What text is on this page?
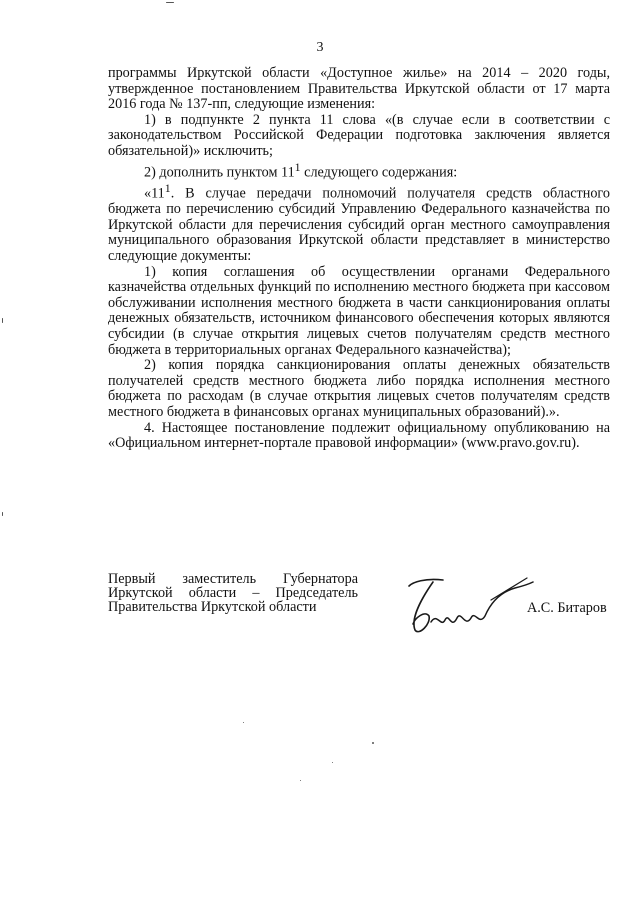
3

программы Иркутской области «Доступное жилье» на 2014 – 2020 годы, утвержденное постановлением Правительства Иркутской области от 17 марта 2016 года № 137-пп, следующие изменения:

1) в подпункте 2 пункта 11 слова «(в случае если в соответствии с законодательством Российской Федерации подготовка заключения является обязательной)» исключить;

2) дополнить пунктом $11^1$ следующего содержания:

«$11^1$. В случае передачи полномочий получателя средств областного бюджета по перечислению субсидий Управлению Федерального казначейства по Иркутской области для перечисления субсидий орган местного самоуправления муниципального образования Иркутской области представляет в министерство следующие документы:

1) копия соглашения об осуществлении органами Федерального казначейства отдельных функций по исполнению местного бюджета при кассовом обслуживании исполнения местного бюджета в части санкционирования оплаты денежных обязательств, источником финансового обеспечения которых являются субсидии (в случае открытия лицевых счетов получателям средств местного бюджета в территориальных органах Федерального казначейства);

2) копия порядка санкционирования оплаты денежных обязательств получателей средств местного бюджета либо порядка исполнения местного бюджета по расходам (в случае открытия лицевых счетов получателям средств местного бюджета в финансовых органах муниципальных образований).».

4. Настоящее постановление подлежит официальному опубликованию на «Официальном интернет-портале правовой информации» (www.pravo.gov.ru).

Первый заместитель Губернатора
Иркутской области – Председатель
Правительства Иркутской области	А.С. Битаров
